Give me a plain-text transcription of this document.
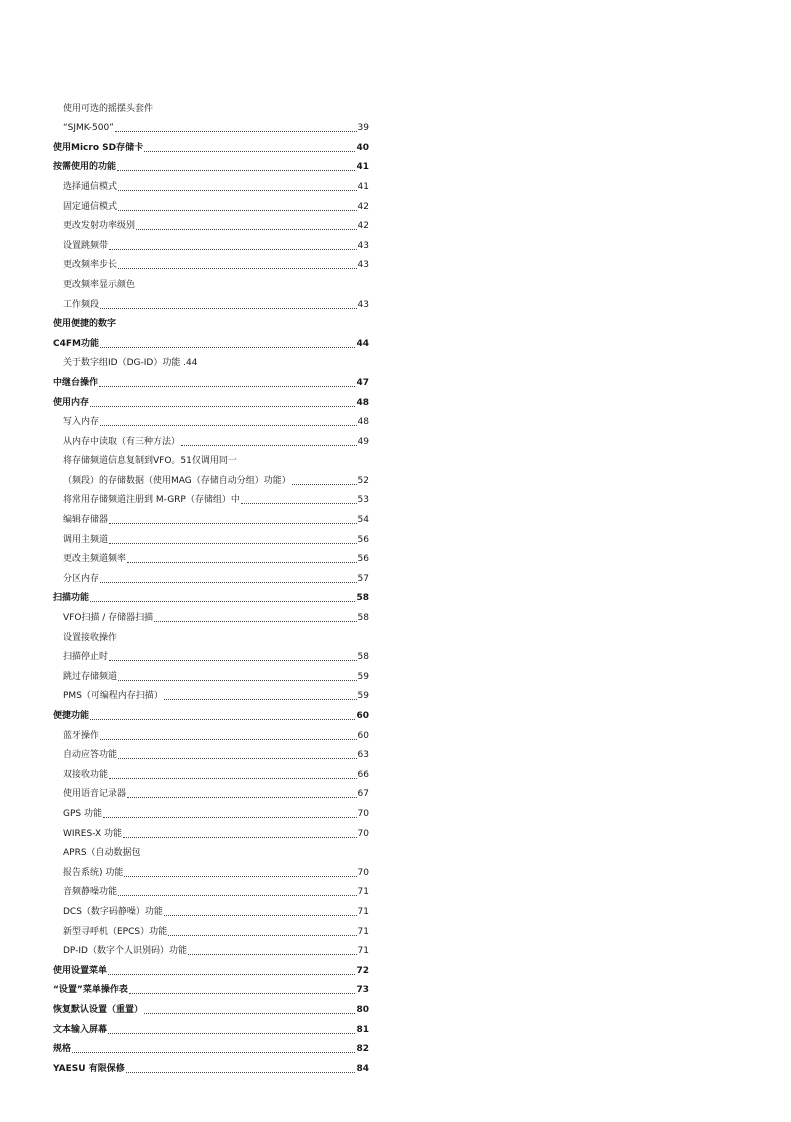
使用可选的摇摆头套件
“SJMK-500”	39
使用Micro SD存储卡	40
按需使用的功能	41
选择通信模式	41
固定通信模式	42
更改发射功率级别	42
设置跳频带	43
更改频率步长	43
更改频率显示颜色
工作频段	43
使用便捷的数字
C4FM功能	44
关于数字组ID（DG-ID）功能 .44
中继台操作	47
使用内存	48
写入内存	48
从内存中读取（有三种方法）	49
将存储频道信息复制到VFO。51仅调用同一
（频段）的存储数据（使用MAG（存储自动分组）功能）	52
将常用存储频道注册到 M-GRP（存储组）中	53
编辑存储器	54
调用主频道	56
更改主频道频率	56
分区内存	57
扫描功能	58
VFO扫描 / 存储器扫描	58
设置接收操作
扫描停止时	58
跳过存储频道	59
PMS（可编程内存扫描）	59
便捷功能	60
蓝牙操作	60
自动应答功能	63
双接收功能	66
使用语音记录器	67
GPS 功能	70
WIRES-X 功能	70
APRS（自动数据包
报告系统) 功能	70
音频静噪功能	71
DCS（数字码静噪）功能	71
新型寻呼机（EPCS）功能	71
DP-ID（数字个人识别码）功能	71
使用设置菜单	72
“设置”菜单操作表	73
恢复默认设置（重置）	80
文本输入屏幕	81
规格	82
YAESU 有限保修	84
